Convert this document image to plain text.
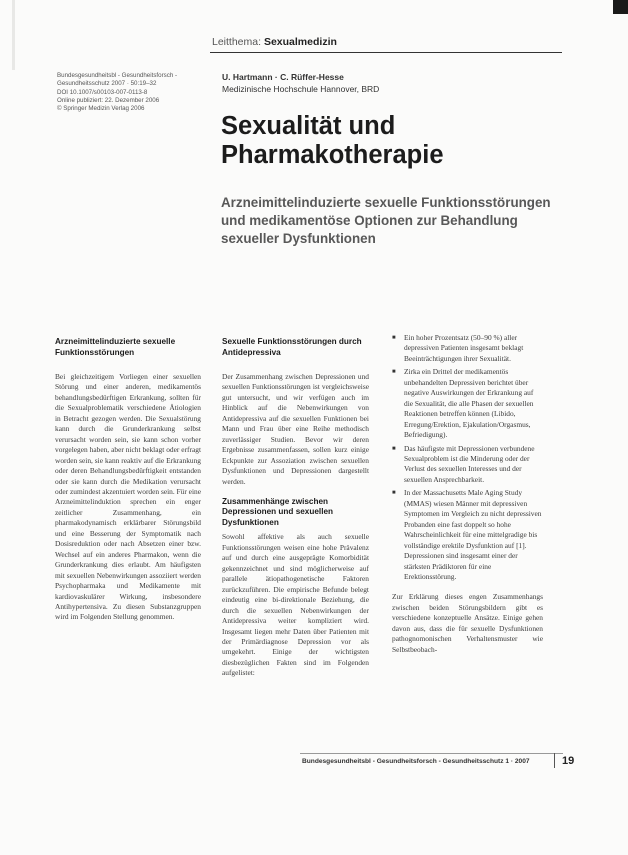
Leitthema: Sexualmedizin
Bundesgesundheitsbl - Gesundheitsforsch -
Gesundheitsschutz 2007 · 50:19–32
DOI 10.1007/s00103-007-0113-8
Online publiziert: 22. Dezember 2006
© Springer Medizin Verlag 2006
U. Hartmann · C. Rüffer-Hesse
Medizinische Hochschule Hannover, BRD
Sexualität und
Pharmakotherapie
Arzneimittelinduzierte sexuelle Funktionsstörungen und medikamentöse Optionen zur Behandlung sexueller Dysfunktionen
Arzneimittelinduzierte sexuelle Funktionsstörungen

Bei gleichzeitigem Vorliegen einer sexuellen Störung und einer anderen, medikamentös behandlungsbedürftigen Erkrankung, sollten für die Sexualproblematik verschiedene Ätiologien in Betracht gezogen werden. Die Sexualstörung kann durch die Grunderkrankung selbst verursacht worden sein, sie kann schon vorher vorgelegen haben, aber nicht beklagt oder erfragt worden sein, sie kann reaktiv auf die Erkrankung oder deren Behandlungsbedürftigkeit entstanden oder sie kann durch die Medikation verursacht oder zumindest akzentuiert worden sein. Für eine Arzneimittelinduktion sprechen ein enger zeitlicher Zusammenhang, ein pharmakodynamisch erklärbarer Störungsbild und eine Besserung der Symptomatik nach Dosisreduktion oder nach Absetzen einer bzw. Wechsel auf ein anderes Pharmakon, wenn die Grunderkrankung dies erlaubt. Am häufigsten mit sexuellen Nebenwirkungen assoziiert werden Psychopharmaka und Medikamente mit kardiovaskulärer Wirkung, insbesondere Antihypertensiva. Zu diesen Substanzgruppen wird im Folgenden Stellung genommen.

Sexuelle Funktionsstörungen durch Antidepressiva

Der Zusammenhang zwischen Depressionen und sexuellen Funktionsstörungen ist vergleichsweise gut untersucht, und wir verfügen auch im Hinblick auf die Nebenwirkungen von Antidepressiva auf die sexuellen Funktionen bei Mann und Frau über eine Reihe methodisch zuverlässiger Studien. Bevor wir deren Ergebnisse zusammenfassen, sollen kurz einige Eckpunkte zur Assoziation zwischen sexuellen Dysfunktionen und Depressionen dargestellt werden.

Zusammenhänge zwischen Depressionen und sexuellen Dysfunktionen

Sowohl affektive als auch sexuelle Funktionsstörungen weisen eine hohe Prävalenz auf und durch eine ausgeprägte Komorbidität gekennzeichnet und sind möglicherweise auf parallele ätiopathogenetische Faktoren zurückzuführen. Die empirische Befunde belegt eindeutig eine bi-direktionale Beziehung, die durch die sexuellen Nebenwirkungen der Antidepressiva weiter kompliziert wird. Insgesamt liegen mehr Daten über Patienten mit der Primärdiagnose Depression vor als umgekehrt. Einige der wichtigsten diesbezüglichen Fakten sind im Folgenden aufgelistet:

■ Ein hoher Prozentsatz (50–90 %) aller depressiven Patienten insgesamt beklagt Beeinträchtigungen ihrer Sexualität.
■ Zirka ein Drittel der medikamentös unbehandelten Depressiven berichtet über negative Auswirkungen der Erkrankung auf die Sexualität, die alle Phasen der sexuellen Reaktionen betreffen können (Libido, Erregung/Erektion, Ejakulation/Orgasmus, Befriedigung).
■ Das häufigste mit Depressionen verbundene Sexualproblem ist die Minderung oder der Verlust des sexuellen Interesses und der sexuellen Ansprechbarkeit.
■ In der Massachusetts Male Aging Study (MMAS) wiesen Männer mit depressiven Symptomen im Vergleich zu nicht depressiven Probanden eine fast doppelt so hohe Wahrscheinlichkeit für eine mittelgradige bis vollständige erektile Dysfunktion auf [1]. Depressionen sind insgesamt einer der stärksten Prädiktoren für eine Erektionsstörung.

Zur Erklärung dieses engen Zusammenhangs zwischen beiden Störungsbildern gibt es verschiedene konzeptuelle Ansätze. Einige gehen davon aus, dass die für sexuelle Dysfunktionen pathognomonischen Verhaltensmuster wie Selbstbeobach-

Bundesgesundheitsbl - Gesundheitsforsch - Gesundheitsschutz 1 · 2007	19
